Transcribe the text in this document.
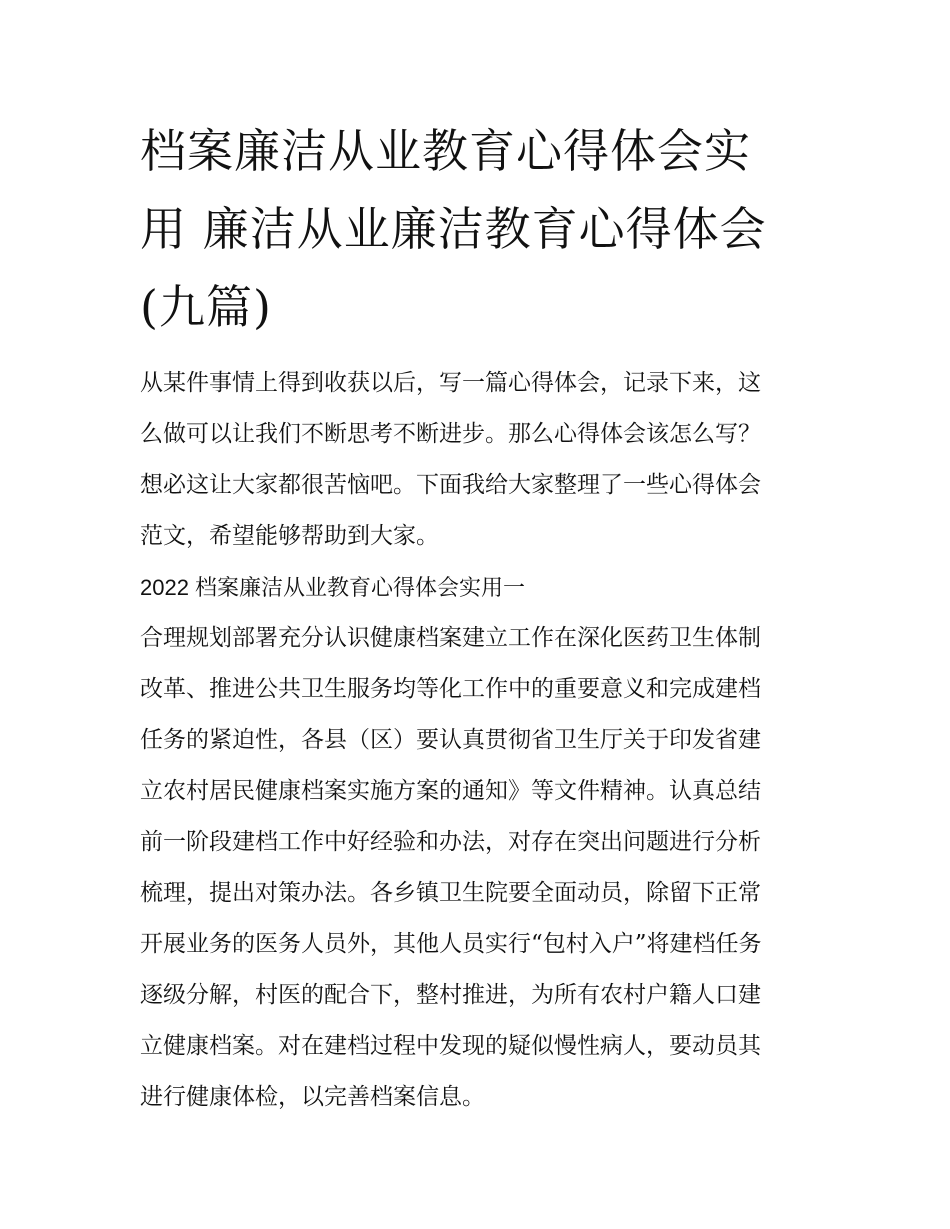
档案廉洁从业教育心得体会实
用 廉洁从业廉洁教育心得体会
(九篇)
从某件事情上得到收获以后，写一篇心得体会，记录下来，这
么做可以让我们不断思考不断进步。那么心得体会该怎么写？
想必这让大家都很苦恼吧。下面我给大家整理了一些心得体会
范文，希望能够帮助到大家。
2022 档案廉洁从业教育心得体会实用一
合理规划部署充分认识健康档案建立工作在深化医药卫生体制
改革、推进公共卫生服务均等化工作中的重要意义和完成建档
任务的紧迫性，各县（区）要认真贯彻省卫生厅关于印发省建
立农村居民健康档案实施方案的通知》等文件精神。认真总结
前一阶段建档工作中好经验和办法，对存在突出问题进行分析
梳理，提出对策办法。各乡镇卫生院要全面动员，除留下正常
开展业务的医务人员外，其他人员实行“包村入户”将建档任务
逐级分解，村医的配合下，整村推进，为所有农村户籍人口建
立健康档案。对在建档过程中发现的疑似慢性病人，要动员其
进行健康体检，以完善档案信息。
